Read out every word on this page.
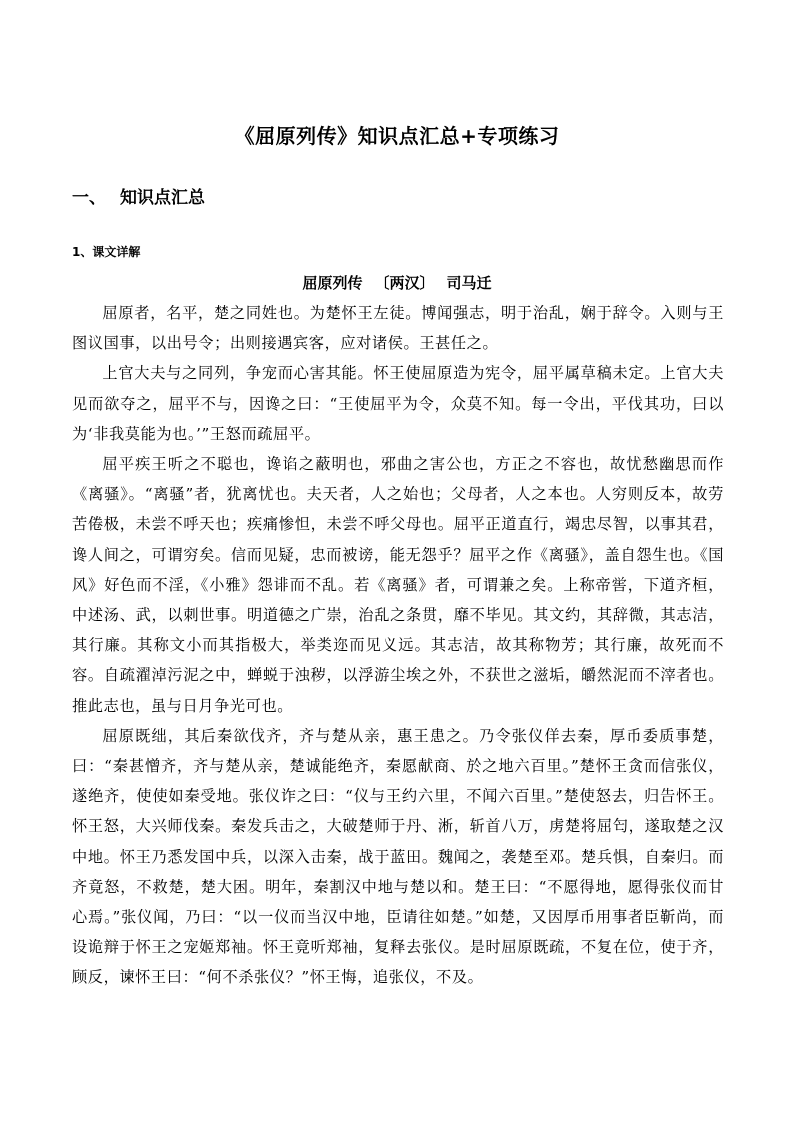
《屈原列传》知识点汇总+专项练习
一、 知识点汇总
1、课文详解
屈原列传 〔两汉〕 司马迁

屈原者，名平，楚之同姓也。为楚怀王左徒。博闻强志，明于治乱，娴于辞令。入则与王图议国事，以出号令；出则接遇宾客，应对诸侯。王甚任之。

上官大夫与之同列，争宠而心害其能。怀王使屈原造为宪令，屈平属草稿未定。上官大夫见而欲夺之，屈平不与，因谗之曰：“王使屈平为令，众莫不知。每一令出，平伐其功，曰以为‘非我莫能为也。’”王怒而疏屈平。

屈平疾王听之不聪也，谗谄之蔽明也，邪曲之害公也，方正之不容也，故忧愁幽思而作《离骚》。“离骚”者，犹离忧也。夫天者，人之始也；父母者，人之本也。人穷则反本，故劳苦倦极，未尝不呼天也；疾痛惨怛，未尝不呼父母也。屈平正道直行，竭忠尽智，以事其君，谗人间之，可谓穷矣。信而见疑，忠而被谤，能无怨乎？屈平之作《离骚》，盖自怨生也。《国风》好色而不淫，《小雅》怨诽而不乱。若《离骚》者，可谓兼之矣。上称帝喾，下道齐桓，中述汤、武，以刺世事。明道德之广崇，治乱之条贯，靡不毕见。其文约，其辞微，其志洁，其行廉。其称文小而其指极大，举类迩而见义远。其志洁，故其称物芳；其行廉，故死而不容。自疏濯淖污泥之中，蝉蜕于浊秽，以浮游尘埃之外，不获世之滋垢，皭然泥而不滓者也。推此志也，虽与日月争光可也。

屈原既绌，其后秦欲伐齐，齐与楚从亲，惠王患之。乃令张仪佯去秦，厚币委质事楚，曰：“秦甚憎齐，齐与楚从亲，楚诚能绝齐，秦愿献商、於之地六百里。”楚怀王贪而信张仪，遂绝齐，使使如秦受地。张仪诈之曰：“仪与王约六里，不闻六百里。”楚使怒去，归告怀王。怀王怒，大兴师伐秦。秦发兵击之，大破楚师于丹、淅，斩首八万，虏楚将屈匄，遂取楚之汉中地。怀王乃悉发国中兵，以深入击秦，战于蓝田。魏闻之，袭楚至邓。楚兵惧，自秦归。而齐竟怒，不救楚，楚大困。明年，秦割汉中地与楚以和。楚王曰：“不愿得地，愿得张仪而甘心焉。”张仪闻，乃曰：“以一仪而当汉中地，臣请往如楚。”如楚，又因厚币用事者臣靳尚，而设诡辩于怀王之宠姬郑袖。怀王竟听郑袖，复释去张仪。是时屈原既疏，不复在位，使于齐，顾反，谏怀王曰：“何不杀张仪？”怀王悔，追张仪，不及。
